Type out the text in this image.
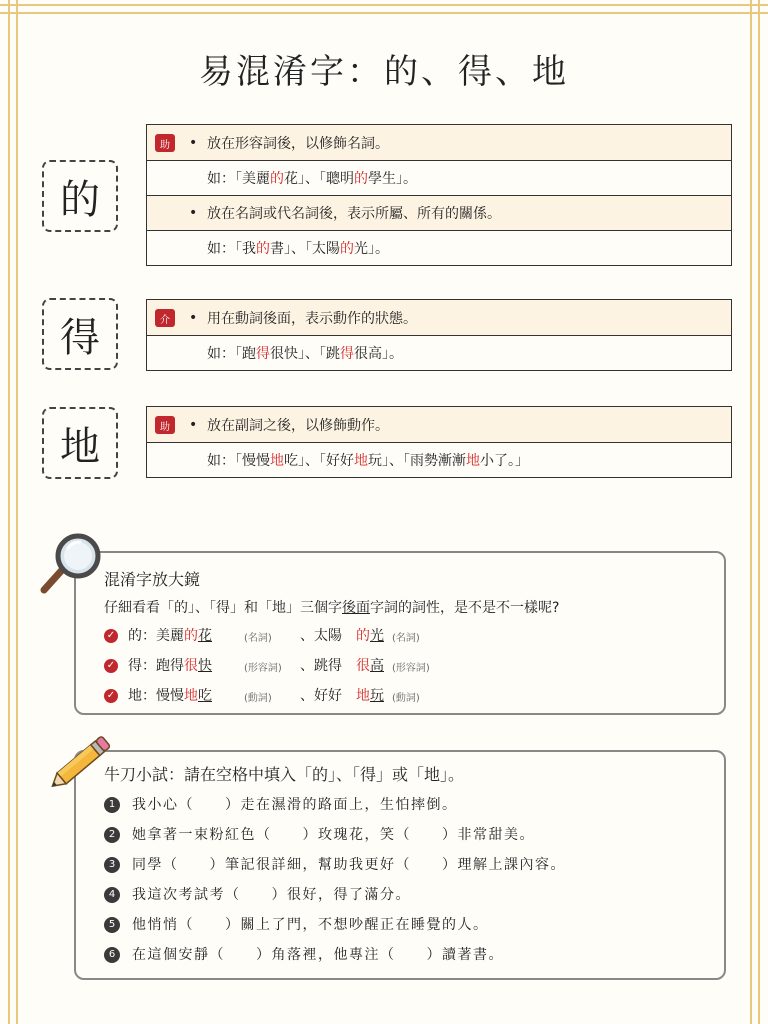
易混淆字：的、得、地
的
助	• 放在形容詞後，以修飾名詞。
如：「美麗的花」、「聰明的學生」。
• 放在名詞或代名詞後，表示所屬、所有的關係。
如：「我的書」、「太陽的光」。
得	介	• 用在動詞後面，表示動作的狀態。
如：「跑得很快」、「跳得很高」。
地	助	• 放在副詞之後，以修飾動作。
如：「慢慢地吃」、「好好地玩」、「雨勢漸漸地小了。」
混淆字放大鏡
仔細看看「的」、「得」和「地」三個字後面字詞的詞性，是不是不一樣呢?
✓ 的：美麗的花	(名詞) 、太陽 的 光 (名詞)
✓ 得：跑得很快	(形容詞) 、跳得 很 高 (形容詞)
✓ 地：慢慢地吃	(動詞) 、好好 地 玩 (動詞)
牛刀小試：請在空格中填入「的」、「得」或「地」。
1 我小心（　　）走在濕滑的路面上，生怕摔倒。
2 她拿著一束粉紅色（　　）玫瑰花，笑（　　）非常甜美。
3 同學（　　）筆記很詳細，幫助我更好（　　）理解上課內容。
4 我這次考試考（　　）很好，得了滿分。
5 他悄悄（　　）關上了門，不想吵醒正在睡覺的人。
6 在這個安靜（　　）角落裡，他專注（　　）讀著書。
